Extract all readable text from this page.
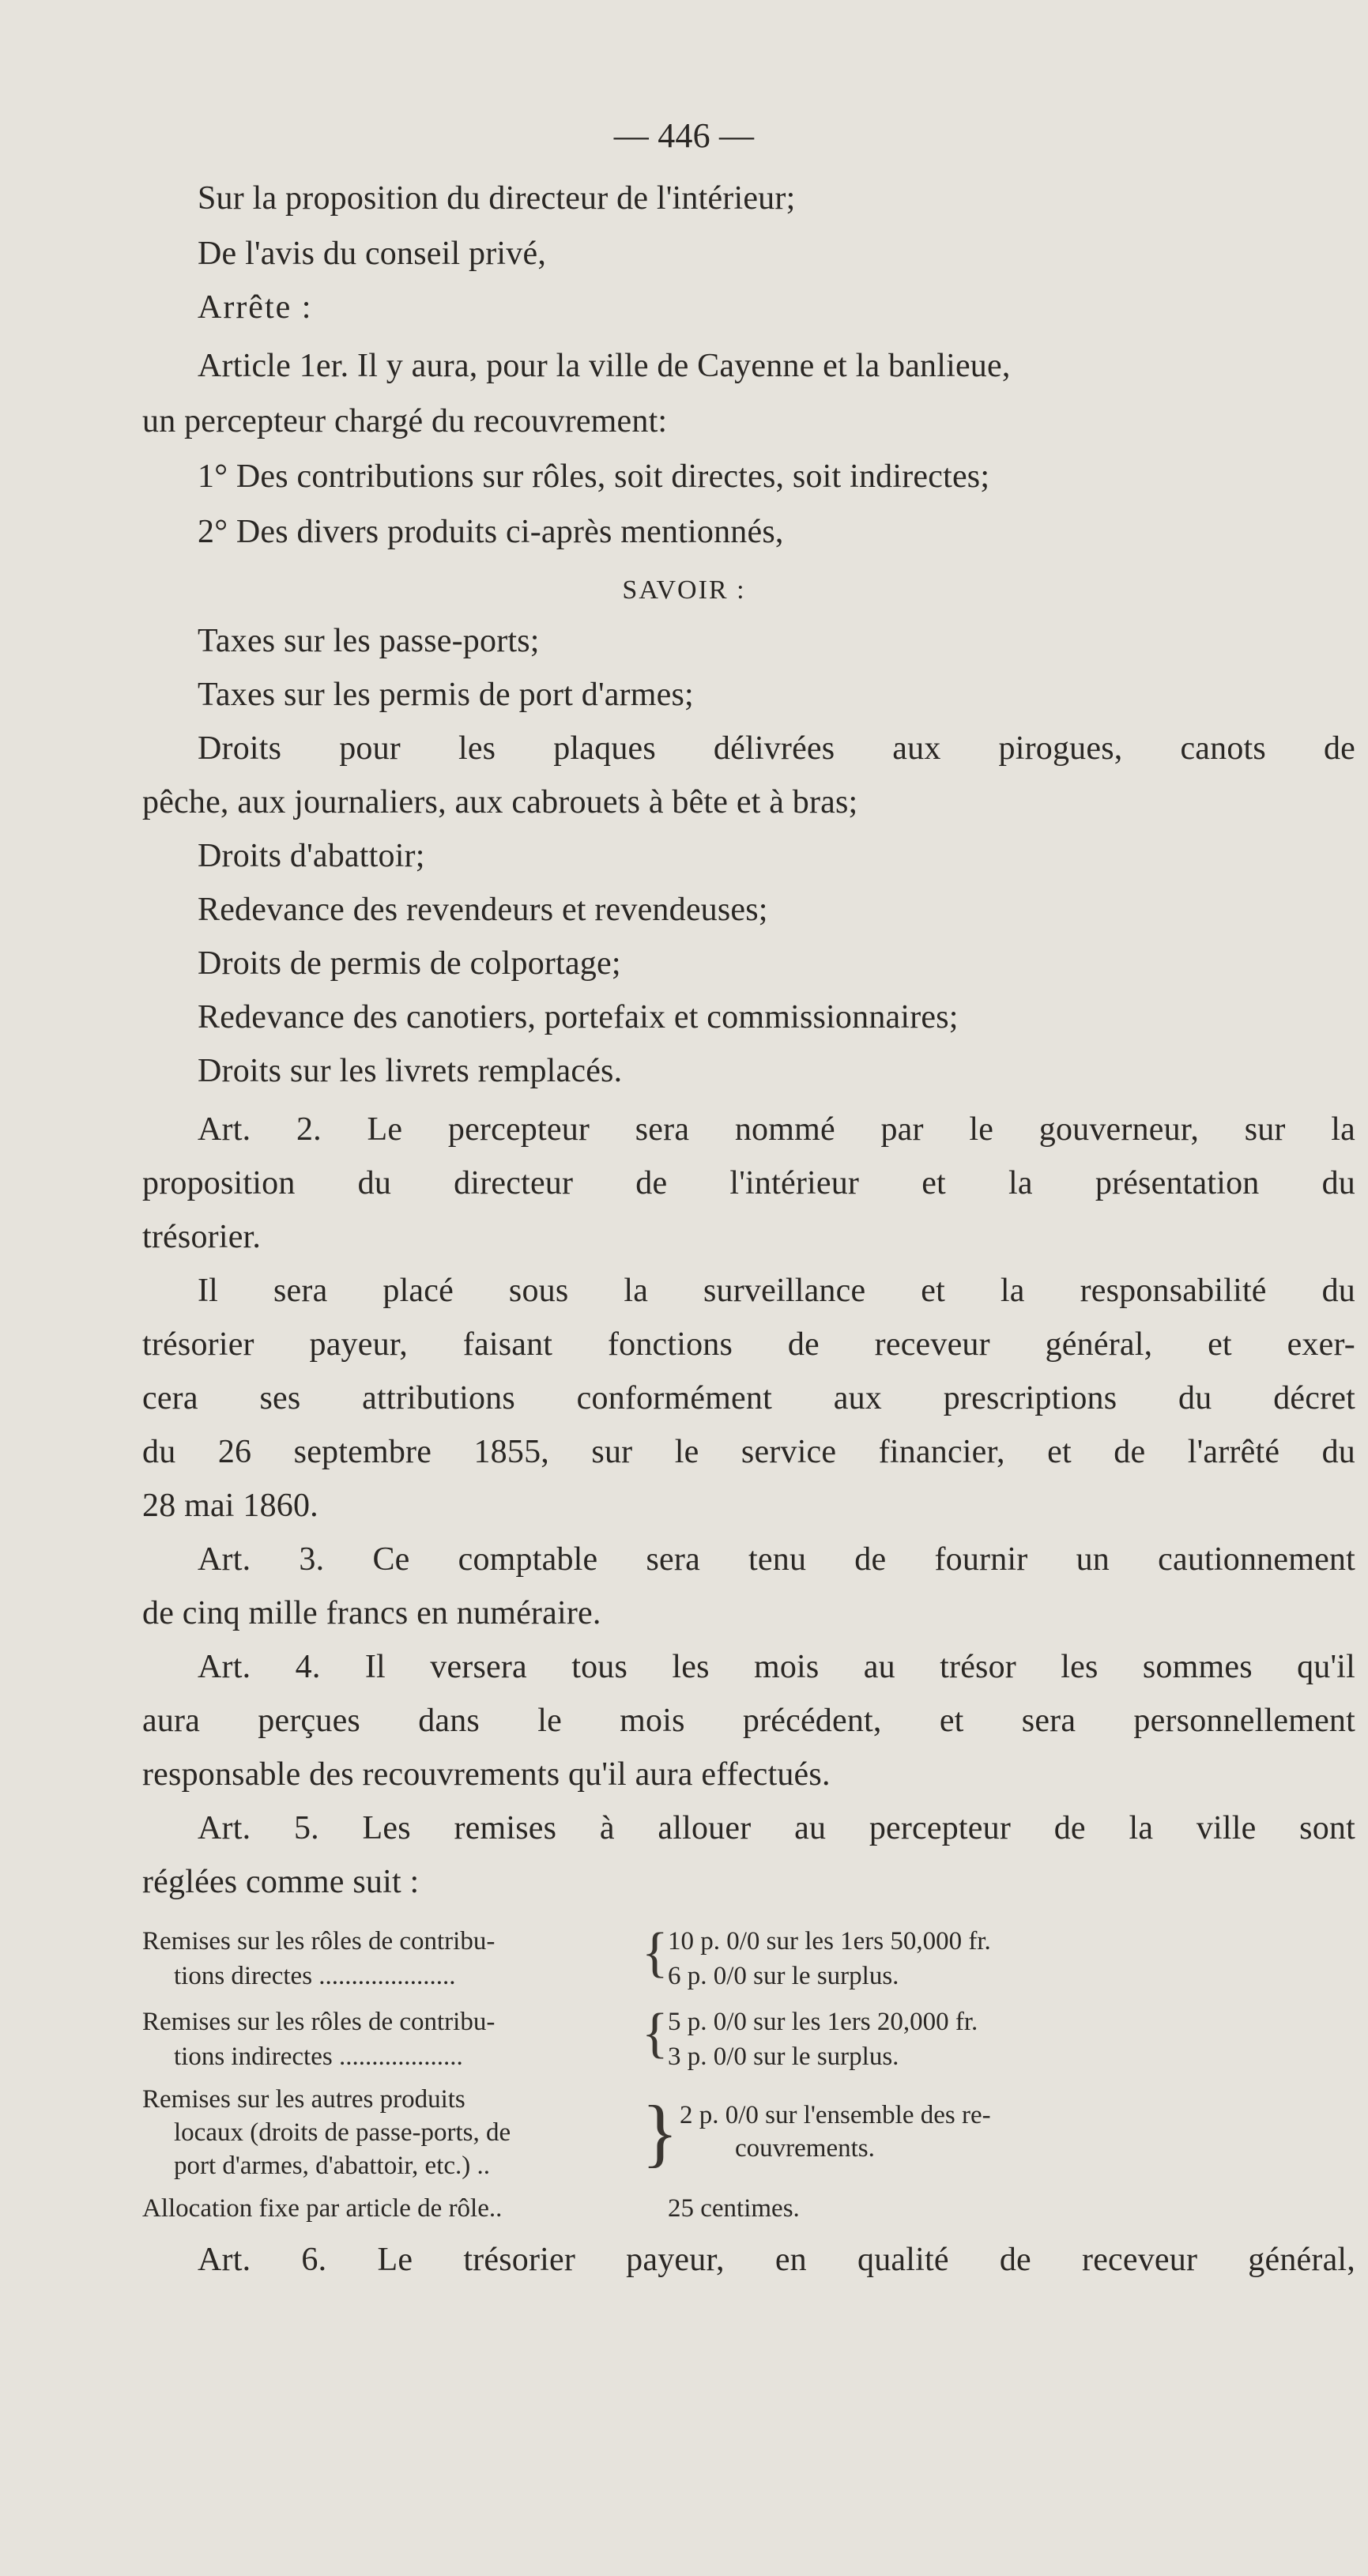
— 446 —
Sur la proposition du directeur de l'intérieur;
De l'avis du conseil privé,
Arrête :
Article 1er. Il y aura, pour la ville de Cayenne et la banlieue,
un percepteur chargé du recouvrement:
1° Des contributions sur rôles, soit directes, soit indirectes;
2° Des divers produits ci-après mentionnés,
SAVOIR :
Taxes sur les passe-ports;
Taxes sur les permis de port d'armes;
Droits pour les plaques délivrées aux pirogues, canots de
pêche, aux journaliers, aux cabrouets à bête et à bras;
Droits d'abattoir;
Redevance des revendeurs et revendeuses;
Droits de permis de colportage;
Redevance des canotiers, portefaix et commissionnaires;
Droits sur les livrets remplacés.
Art. 2. Le percepteur sera nommé par le gouverneur, sur la
proposition du directeur de l'intérieur et la présentation du
trésorier.
Il sera placé sous la surveillance et la responsabilité du
trésorier payeur, faisant fonctions de receveur général, et exer-
cera ses attributions conformément aux prescriptions du décret
du 26 septembre 1855, sur le service financier, et de l'arrêté du
28 mai 1860.
Art. 3. Ce comptable sera tenu de fournir un cautionnement
de cinq mille francs en numéraire.
Art. 4. Il versera tous les mois au trésor les sommes qu'il
aura perçues dans le mois précédent, et sera personnellement
responsable des recouvrements qu'il aura effectués.
Art. 5. Les remises à allouer au percepteur de la ville sont
réglées comme suit :
Remises sur les rôles de contribu-
tions directes .....................	{ 10 p. 0/0 sur les 1ers 50,000 fr.
6 p. 0/0 sur le surplus.
Remises sur les rôles de contribu-
tions indirectes ...................	{ 5 p. 0/0 sur les 1ers 20,000 fr.
3 p. 0/0 sur le surplus.
Remises sur les autres produits
locaux (droits de passe-ports, de
port d'armes, d'abattoir, etc.) .. } 2 p. 0/0 sur l'ensemble des re-
couvrements.
Allocation fixe par article de rôle..	25 centimes.
Art. 6. Le trésorier payeur, en qualité de receveur général,
